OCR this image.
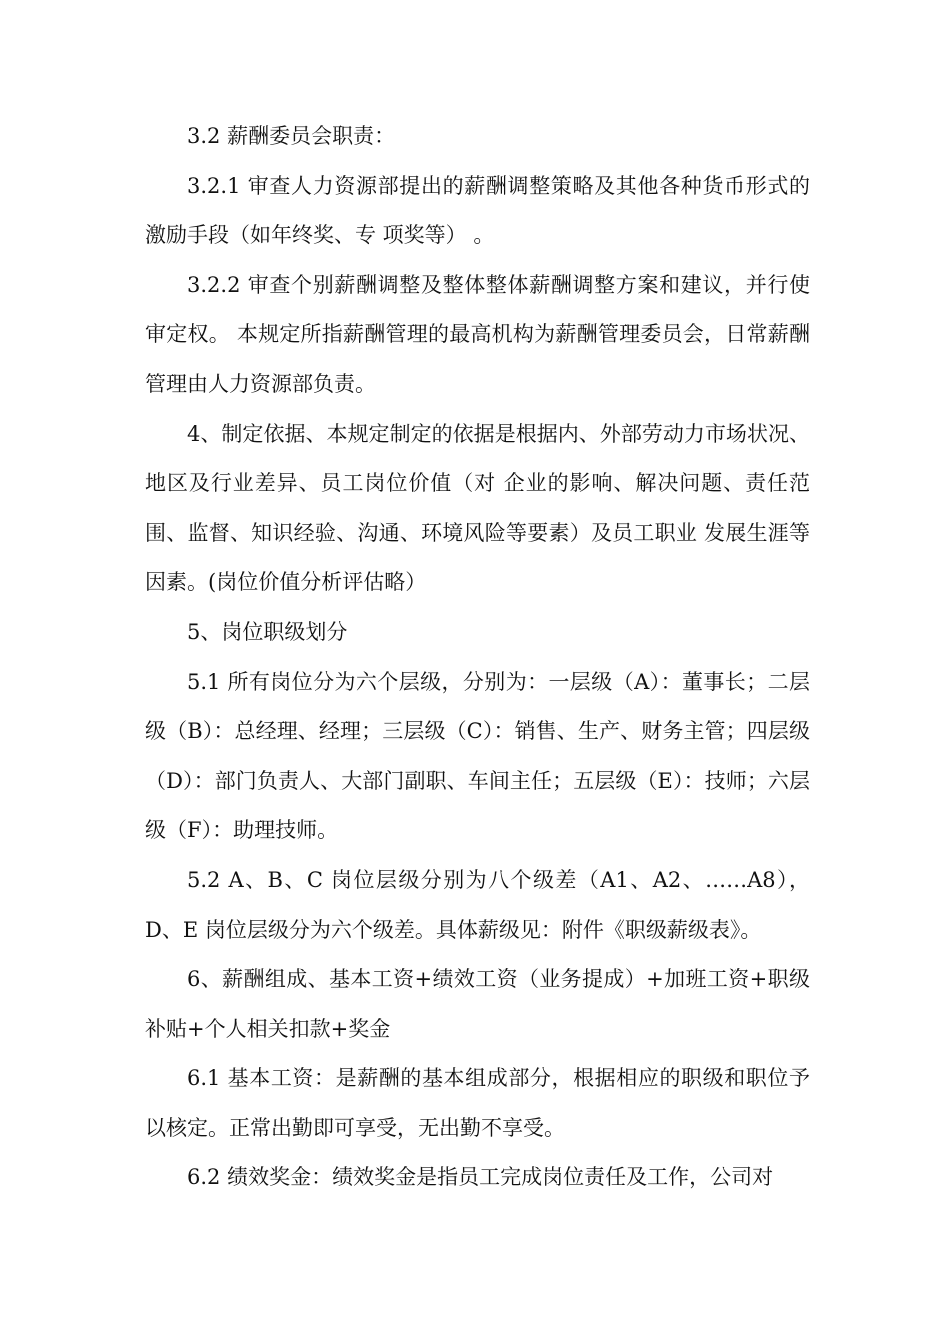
3.2 薪酬委员会职责：

3.2.1 审查人力资源部提出的薪酬调整策略及其他各种货币形式的激励手段（如年终奖、专 项奖等） 。

3.2.2 审查个别薪酬调整及整体整体薪酬调整方案和建议，并行使审定权。 本规定所指薪酬管理的最高机构为薪酬管理委员会，日常薪酬管理由人力资源部负责。

4、制定依据、本规定制定的依据是根据内、外部劳动力市场状况、地区及行业差异、员工岗位价值（对 企业的影响、解决问题、责任范围、监督、知识经验、沟通、环境风险等要素）及员工职业 发展生涯等因素。(岗位价值分析评估略）

5、岗位职级划分

5.1 所有岗位分为六个层级，分别为：一层级（A）：董事长；二层级（B）：总经理、经理；三层级（C）：销售、生产、财务主管；四层级（D）：部门负责人、大部门副职、车间主任；五层级（E）：技师；六层级（F）：助理技师。

5.2 A、B、C 岗位层级分别为八个级差（A1、A2、……A8），D、E 岗位层级分为六个级差。具体薪级见：附件《职级薪级表》。

6、薪酬组成、基本工资+绩效工资（业务提成）+加班工资+职级补贴+个人相关扣款+奖金

6.1 基本工资：是薪酬的基本组成部分，根据相应的职级和职位予以核定。正常出勤即可享受，无出勤不享受。

6.2 绩效奖金：绩效奖金是指员工完成岗位责任及工作，公司对
